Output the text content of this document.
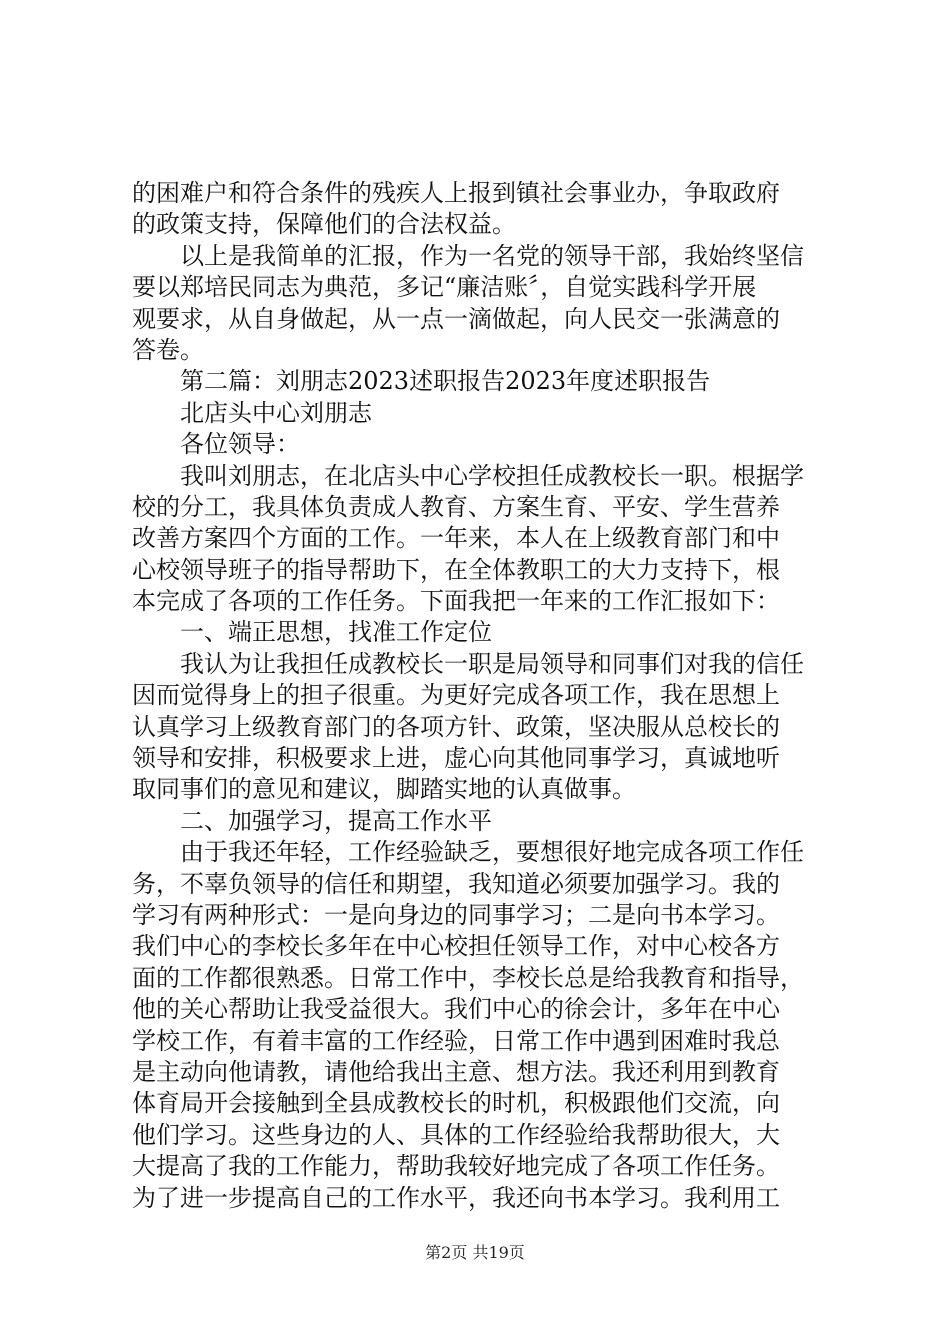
的困难户和符合条件的残疾人上报到镇社会事业办，争取政府
的政策支持，保障他们的合法权益。
以上是我简单的汇报，作为一名党的领导干部，我始终坚信
要以郑培民同志为典范，多记“廉洁账〞，自觉实践科学开展
观要求，从自身做起，从一点一滴做起，向人民交一张满意的
答卷。
第二篇：刘朋志2023述职报告2023年度述职报告
北店头中心刘朋志
各位领导：
我叫刘朋志，在北店头中心学校担任成教校长一职。根据学
校的分工，我具体负责成人教育、方案生育、平安、学生营养
改善方案四个方面的工作。一年来，本人在上级教育部门和中
心校领导班子的指导帮助下，在全体教职工的大力支持下，根
本完成了各项的工作任务。下面我把一年来的工作汇报如下：
一、端正思想，找准工作定位
我认为让我担任成教校长一职是局领导和同事们对我的信任
因而觉得身上的担子很重。为更好完成各项工作，我在思想上
认真学习上级教育部门的各项方针、政策，坚决服从总校长的
领导和安排，积极要求上进，虚心向其他同事学习，真诚地听
取同事们的意见和建议，脚踏实地的认真做事。
二、加强学习，提高工作水平
由于我还年轻，工作经验缺乏，要想很好地完成各项工作任
务，不辜负领导的信任和期望，我知道必须要加强学习。我的
学习有两种形式：一是向身边的同事学习；二是向书本学习。
我们中心的李校长多年在中心校担任领导工作，对中心校各方
面的工作都很熟悉。日常工作中，李校长总是给我教育和指导，
他的关心帮助让我受益很大。我们中心的徐会计，多年在中心
学校工作，有着丰富的工作经验，日常工作中遇到困难时我总
是主动向他请教，请他给我出主意、想方法。我还利用到教育
体育局开会接触到全县成教校长的时机，积极跟他们交流，向
他们学习。这些身边的人、具体的工作经验给我帮助很大，大
大提高了我的工作能力，帮助我较好地完成了各项工作任务。
为了进一步提高自己的工作水平，我还向书本学习。我利用工
第2页 共19页
